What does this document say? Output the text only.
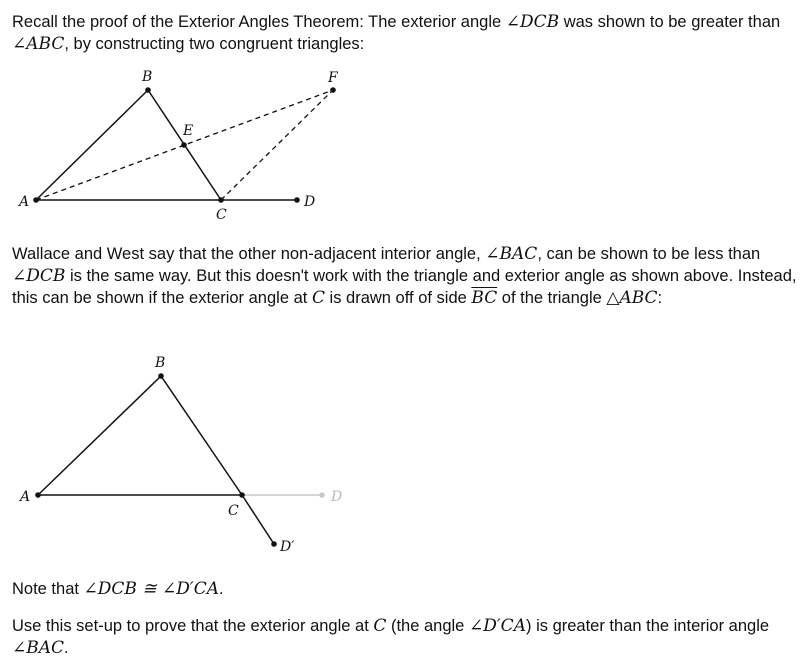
Recall the proof of the Exterior Angles Theorem: The exterior angle ∠DCB was shown to be greater than ∠ABC, by constructing two congruent triangles:
B	F
E
A
C
D
Wallace and West say that the other non-adjacent interior angle, ∠BAC, can be shown to be less than ∠DCB is the same way. But this doesn't work with the triangle and exterior angle as shown above. Instead, this can be shown if the exterior angle at C is drawn off of side $\overline{BC}$ of the triangle △ABC:
B
A
C
D
D′
Note that ∠DCB ≅ ∠D′CA.
Use this set-up to prove that the exterior angle at C (the angle ∠D′CA) is greater than the interior angle ∠BAC.
